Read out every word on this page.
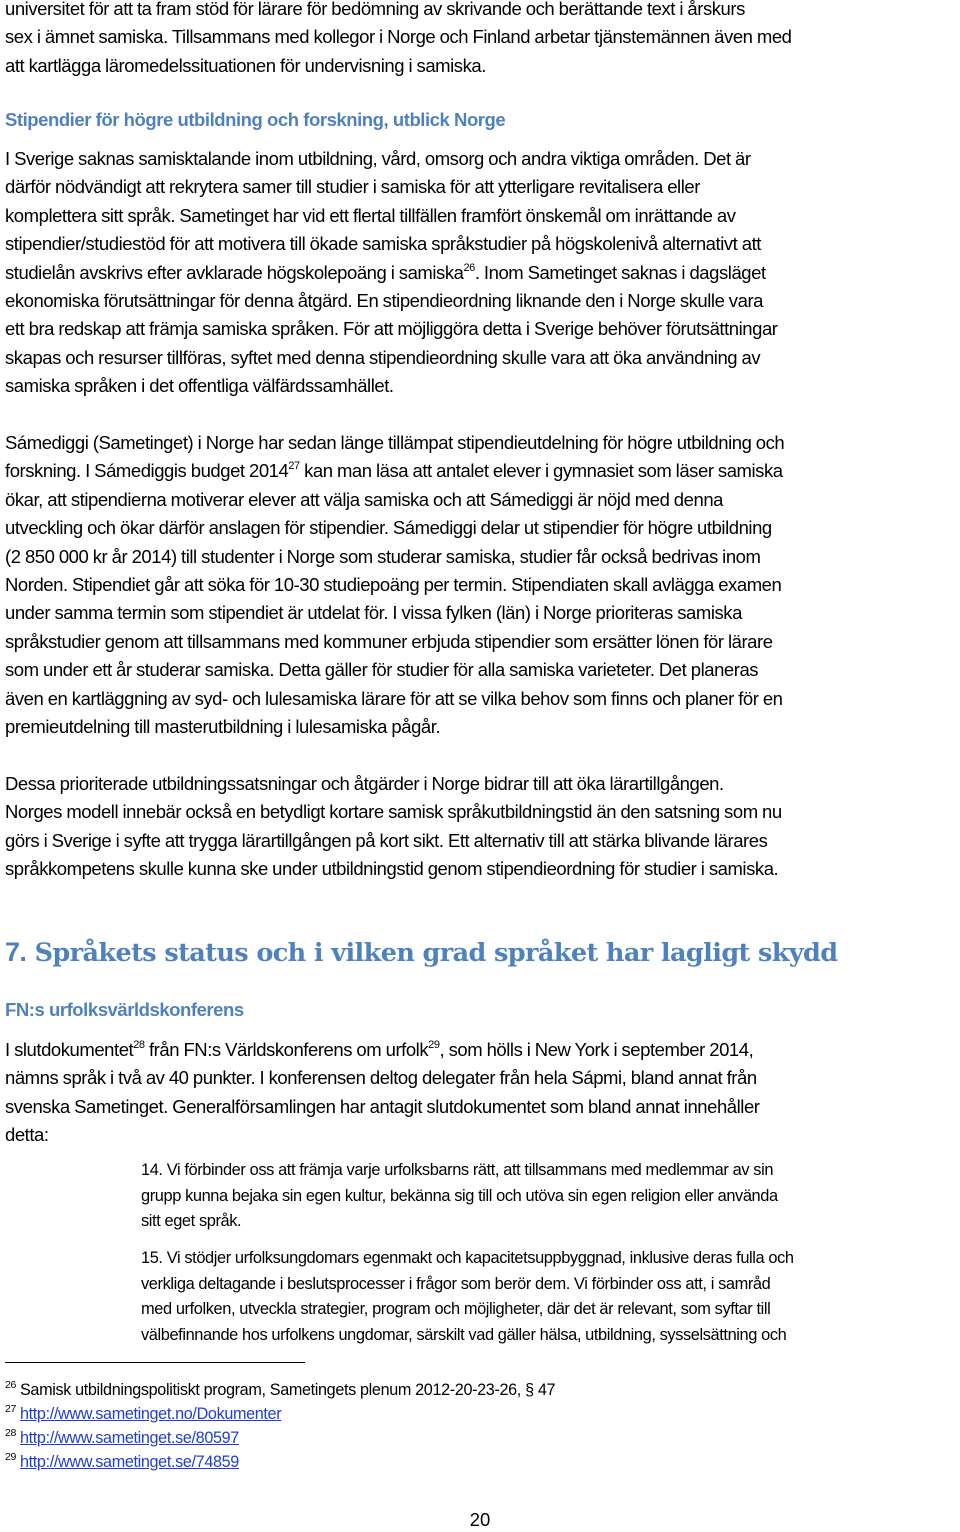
universitet för att ta fram stöd för lärare för bedömning av skrivande och berättande text i årskurs
sex i ämnet samiska. Tillsammans med kollegor i Norge och Finland arbetar tjänstemännen även med
att kartlägga läromedelssituationen för undervisning i samiska.

Stipendier för högre utbildning och forskning, utblick Norge

I Sverige saknas samisktalande inom utbildning, vård, omsorg och andra viktiga områden. Det är
därför nödvändigt att rekrytera samer till studier i samiska för att ytterligare revitalisera eller
komplettera sitt språk. Sametinget har vid ett flertal tillfällen framfört önskemål om inrättande av
stipendier/studiestöd för att motivera till ökade samiska språkstudier på högskolenivå alternativt att
studielån avskrivs efter avklarade högskolepoäng i samiska$^{26}$. Inom Sametinget saknas i dagsläget
ekonomiska förutsättningar för denna åtgärd. En stipendieordning liknande den i Norge skulle vara
ett bra redskap att främja samiska språken. För att möjliggöra detta i Sverige behöver förutsättningar
skapas och resurser tillföras, syftet med denna stipendieordning skulle vara att öka användning av
samiska språken i det offentliga välfärdssamhället.

Sámediggi (Sametinget) i Norge har sedan länge tillämpat stipendieutdelning för högre utbildning och
forskning. I Sámediggis budget 2014$^{27}$ kan man läsa att antalet elever i gymnasiet som läser samiska
ökar, att stipendierna motiverar elever att välja samiska och att Sámediggi är nöjd med denna
utveckling och ökar därför anslagen för stipendier. Sámediggi delar ut stipendier för högre utbildning
(2 850 000 kr år 2014) till studenter i Norge som studerar samiska, studier får också bedrivas inom
Norden. Stipendiet går att söka för 10-30 studiepoäng per termin. Stipendiaten skall avlägga examen
under samma termin som stipendiet är utdelat för. I vissa fylken (län) i Norge prioriteras samiska
språkstudier genom att tillsammans med kommuner erbjuda stipendier som ersätter lönen för lärare
som under ett år studerar samiska. Detta gäller för studier för alla samiska varieteter. Det planeras
även en kartläggning av syd- och lulesamiska lärare för att se vilka behov som finns och planer för en
premieutdelning till masterutbildning i lulesamiska pågår.

Dessa prioriterade utbildningssatsningar och åtgärder i Norge bidrar till att öka lärartillgången.
Norges modell innebär också en betydligt kortare samisk språkutbildningstid än den satsning som nu
görs i Sverige i syfte att trygga lärartillgången på kort sikt. Ett alternativ till att stärka blivande lärares
språkkompetens skulle kunna ske under utbildningstid genom stipendieordning för studier i samiska.

7. Språkets status och i vilken grad språket har lagligt skydd
FN:s urfolksvärldskonferens

I slutdokumentet$^{28}$ från FN:s Världskonferens om urfolk$^{29}$, som hölls i New York i september 2014,
nämns språk i två av 40 punkter. I konferensen deltog delegater från hela Sápmi, bland annat från
svenska Sametinget. Generalförsamlingen har antagit slutdokumentet som bland annat innehåller
detta:

14. Vi förbinder oss att främja varje urfolksbarns rätt, att tillsammans med medlemmar av sin
grupp kunna bejaka sin egen kultur, bekänna sig till och utöva sin egen religion eller använda
sitt eget språk.

15. Vi stödjer urfolksungdomars egenmakt och kapacitetsuppbyggnad, inklusive deras fulla och
verkliga deltagande i beslutsprocesser i frågor som berör dem. Vi förbinder oss att, i samråd
med urfolken, utveckla strategier, program och möjligheter, där det är relevant, som syftar till
välbefinnande hos urfolkens ungdomar, särskilt vad gäller hälsa, utbildning, sysselsättning och

$^{26}$ Samisk utbildningspolitiskt program, Sametingets plenum 2012-20-23-26, § 47

$^{27}$ http://www.sametinget.no/Dokumenter

$^{28}$ http://www.sametinget.se/80597

$^{29}$ http://www.sametinget.se/74859

20
